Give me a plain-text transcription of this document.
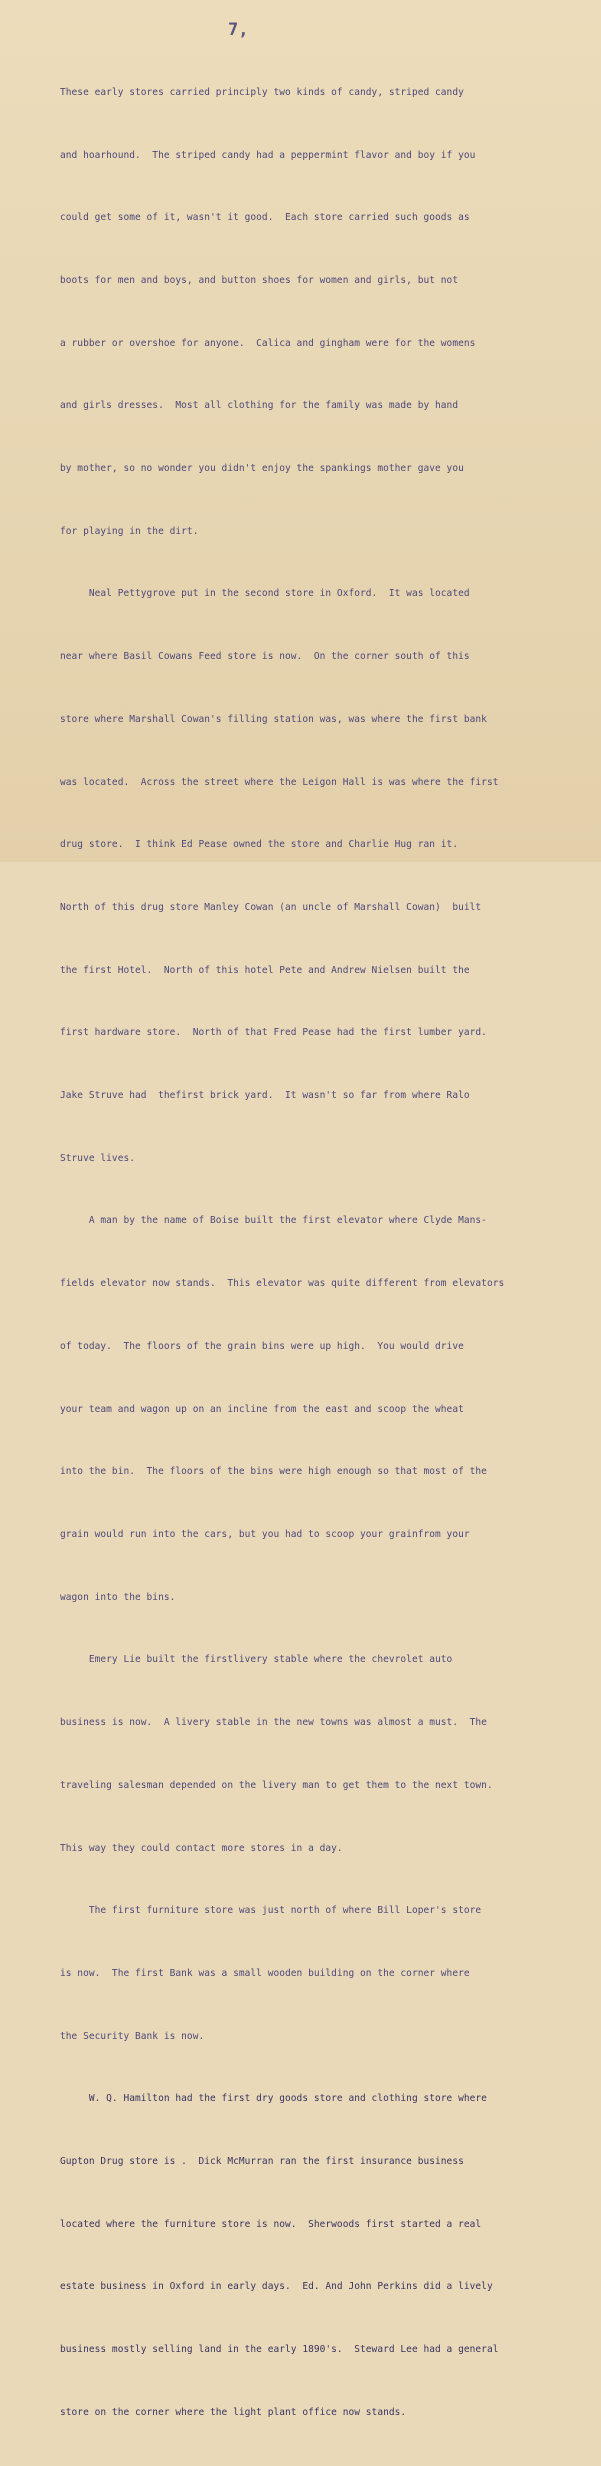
7,

These early stores carried principly two kinds of candy, striped candy

and hoarhound.  The striped candy had a peppermint flavor and boy if you

could get some of it, wasn't it good.  Each store carried such goods as

boots for men and boys, and button shoes for women and girls, but not

a rubber or overshoe for anyone.  Calica and gingham were for the womens

and girls dresses.  Most all clothing for the family was made by hand

by mother, so no wonder you didn't enjoy the spankings mother gave you

for playing in the dirt.

Neal Pettygrove put in the second store in Oxford.  It was located

near where Basil Cowans Feed store is now.  On the corner south of this

store where Marshall Cowan's filling station was, was where the first bank

was located.  Across the street where the Leigon Hall is was where the first

drug store.  I think Ed Pease owned the store and Charlie Hug ran it.

North of this drug store Manley Cowan (an uncle of Marshall Cowan)  built

the first Hotel.  North of this hotel Pete and Andrew Nielsen built the

first hardware store.  North of that Fred Pease had the first lumber yard.

Jake Struve had  thefirst brick yard.  It wasn't so far from where Ralo

Struve lives.

A man by the name of Boise built the first elevator where Clyde Mans-

fields elevator now stands.  This elevator was quite different from elevators

of today.  The floors of the grain bins were up high.  You would drive

your team and wagon up on an incline from the east and scoop the wheat

into the bin.  The floors of the bins were high enough so that most of the

grain would run into the cars, but you had to scoop your grainfrom your

wagon into the bins.

Emery Lie built the firstlivery stable where the chevrolet auto

business is now.  A livery stable in the new towns was almost a must.  The

traveling salesman depended on the livery man to get them to the next town.

This way they could contact more stores in a day.

The first furniture store was just north of where Bill Loper's store

is now.  The first Bank was a small wooden building on the corner where

the Security Bank is now.

W. Q. Hamilton had the first dry goods store and clothing store where

Gupton Drug store is .  Dick McMurran ran the first insurance business

located where the furniture store is now.  Sherwoods first started a real

estate business in Oxford in early days.  Ed. And John Perkins did a lively

business mostly selling land in the early 1890's.  Steward Lee had a general

store on the corner where the light plant office now stands.
